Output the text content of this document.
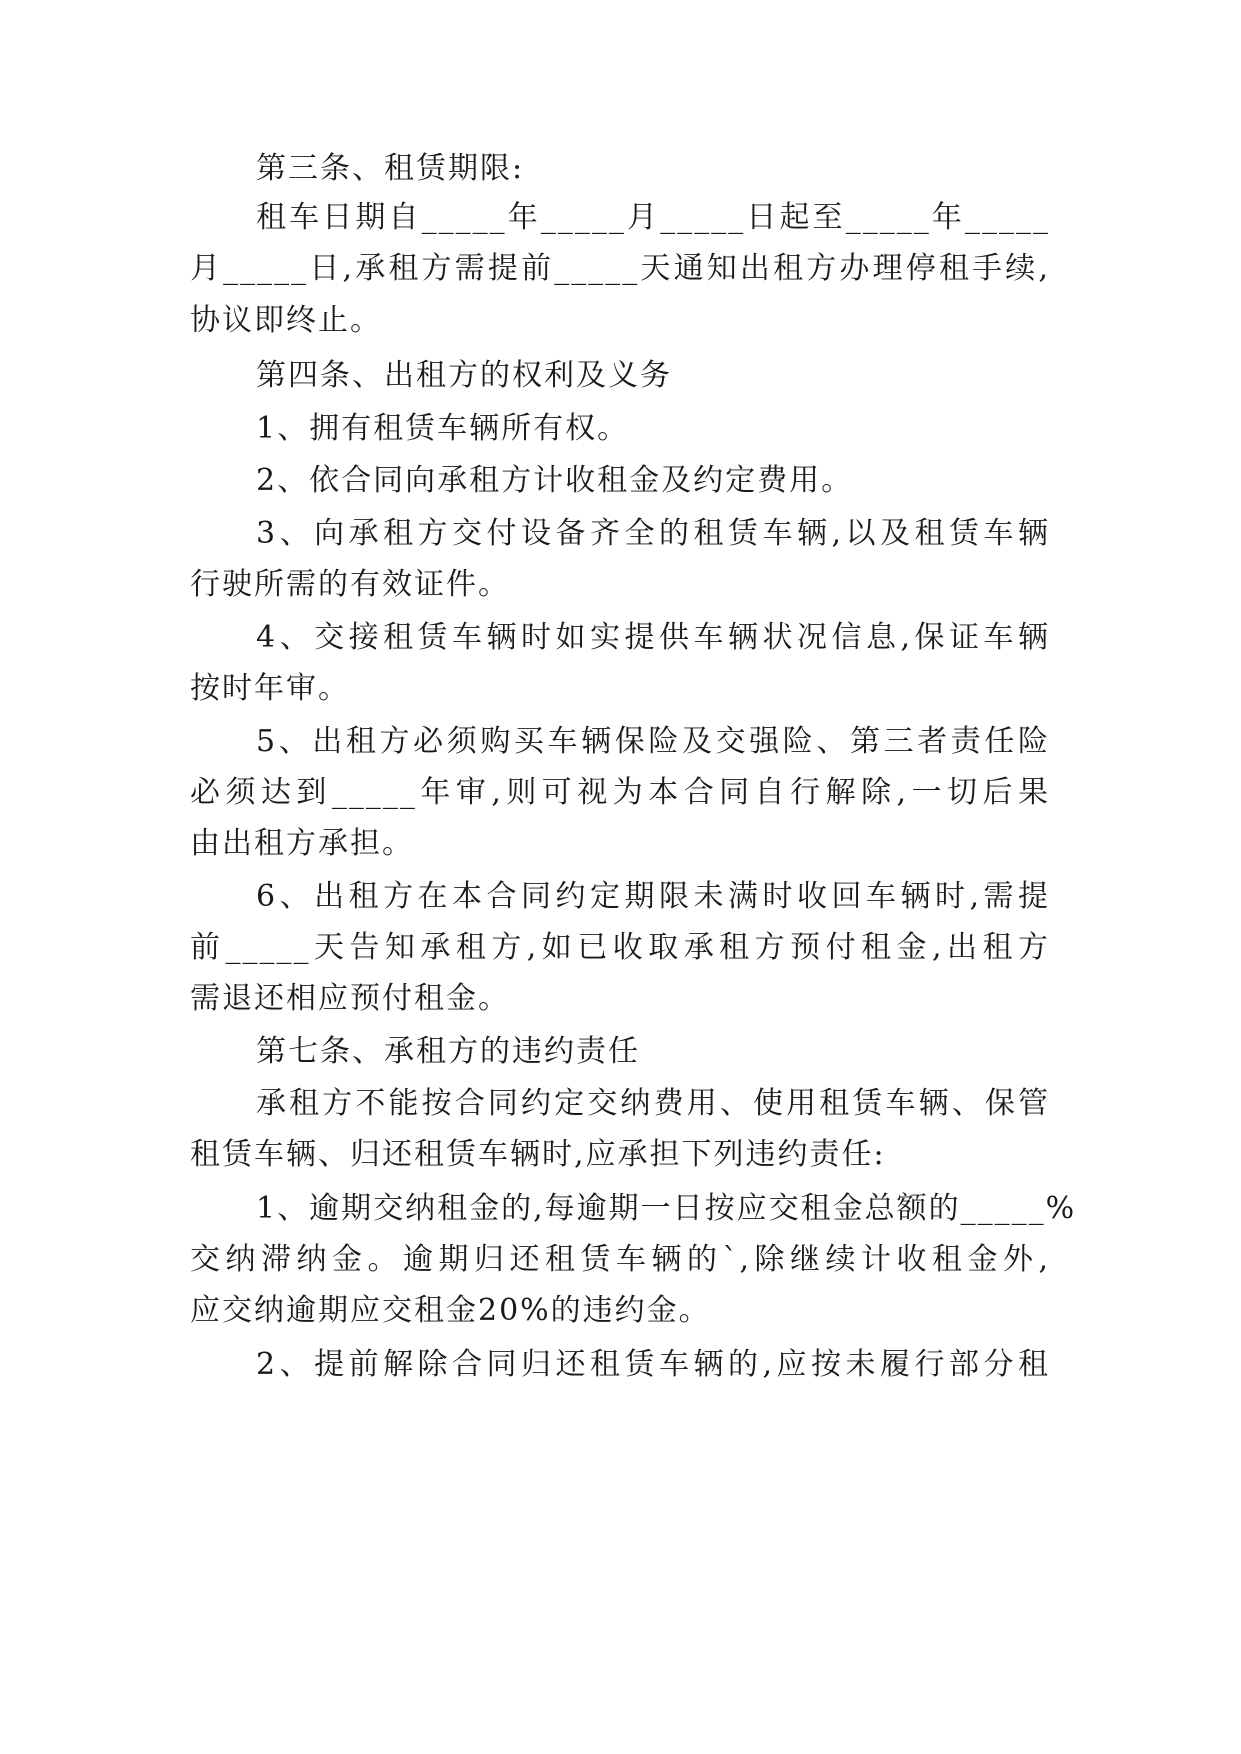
第三条、租赁期限:
租车日期自_____年_____月_____日起至_____年_____
月_____日,承租方需提前_____天通知出租方办理停租手续,
协议即终止。
第四条、出租方的权利及义务
1、拥有租赁车辆所有权。
2、依合同向承租方计收租金及约定费用。
3、向承租方交付设备齐全的租赁车辆,以及租赁车辆
行驶所需的有效证件。
4、交接租赁车辆时如实提供车辆状况信息,保证车辆
按时年审。
5、出租方必须购买车辆保险及交强险、第三者责任险
必须达到_____年审,则可视为本合同自行解除,一切后果
由出租方承担。
6、出租方在本合同约定期限未满时收回车辆时,需提
前_____天告知承租方,如已收取承租方预付租金,出租方
需退还相应预付租金。
第七条、承租方的违约责任
承租方不能按合同约定交纳费用、使用租赁车辆、保管
租赁车辆、归还租赁车辆时,应承担下列违约责任:
1、逾期交纳租金的,每逾期一日按应交租金总额的_____%
交纳滞纳金。逾期归还租赁车辆的`,除继续计收租金外,
应交纳逾期应交租金20%的违约金。
2、提前解除合同归还租赁车辆的,应按未履行部分租
